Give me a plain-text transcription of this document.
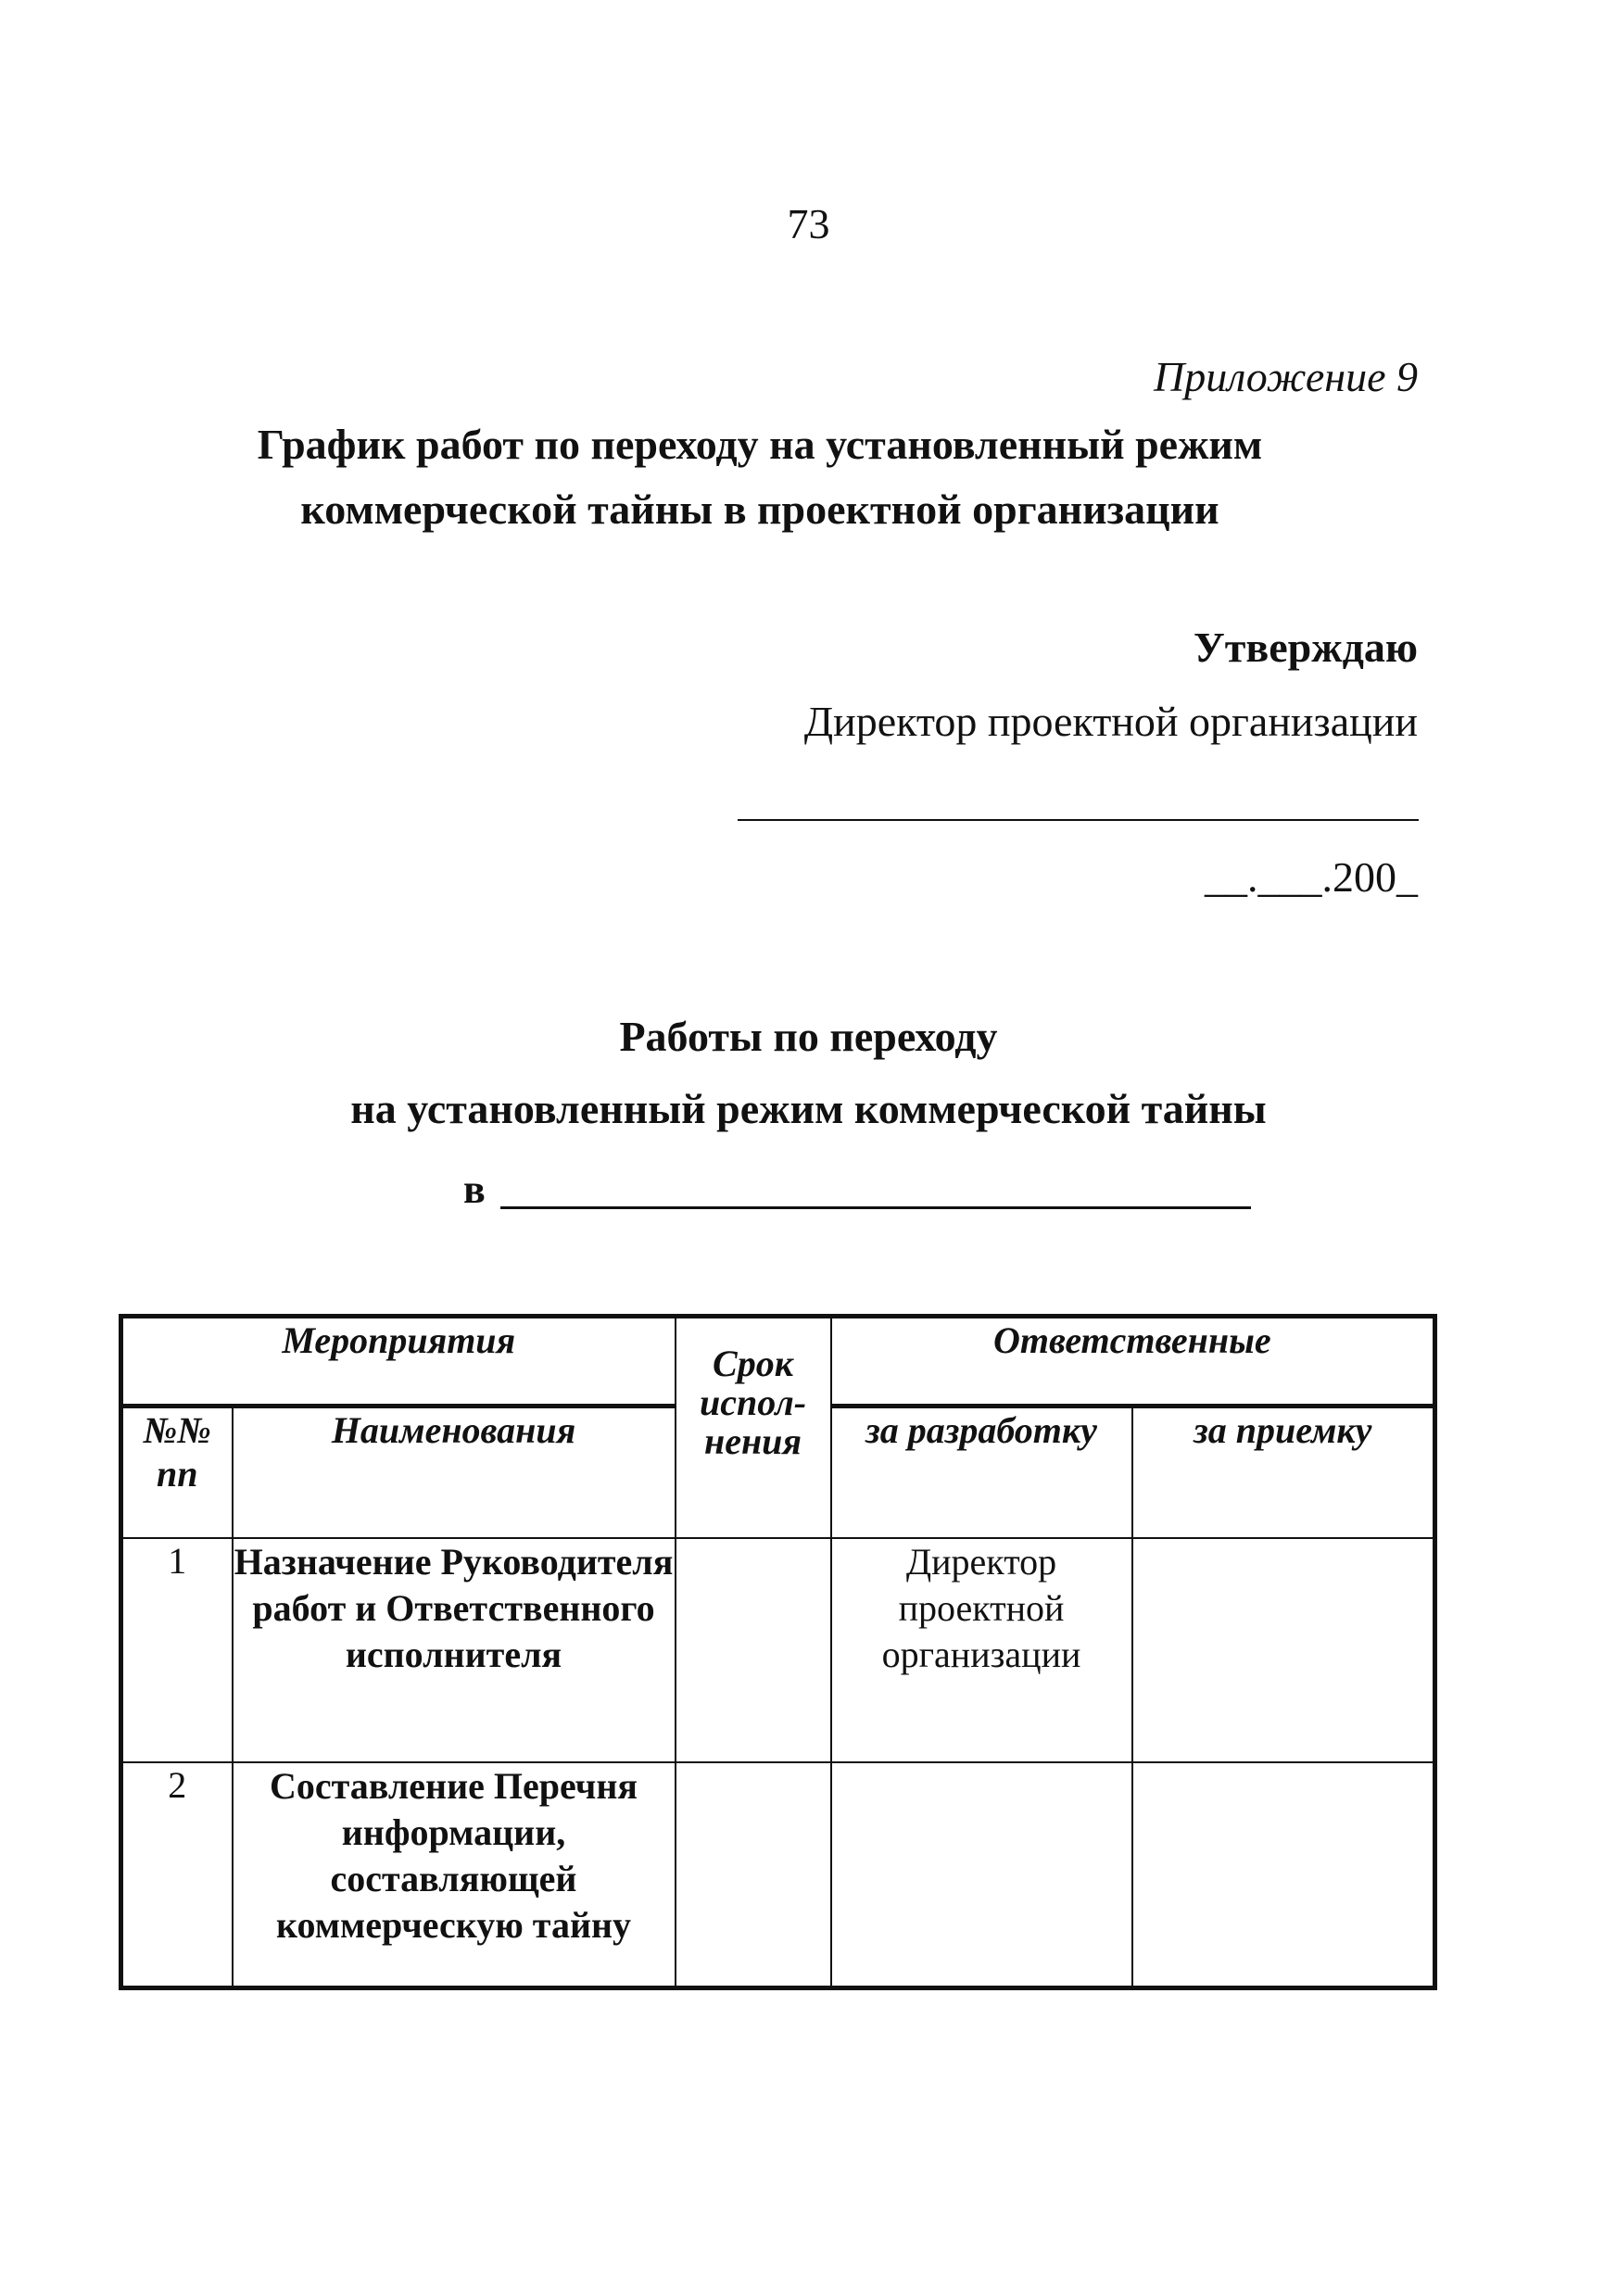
73
Приложение 9
График работ по переходу на установленный режим коммерческой тайны в проектной организации
Утверждаю
Директор проектной организации
__.___.200_
Работы по переходу
на установленный режим коммерческой тайны
в
Мероприятия		Срок испол- нения	Ответственные	
№№ пп	Наименования		за разработку	за приемку
1	Назначение Руководителя работ и Ответственного исполнителя		Директор проектной организации	
2	Составление Перечня информации, составляющей коммерческую тайну			
